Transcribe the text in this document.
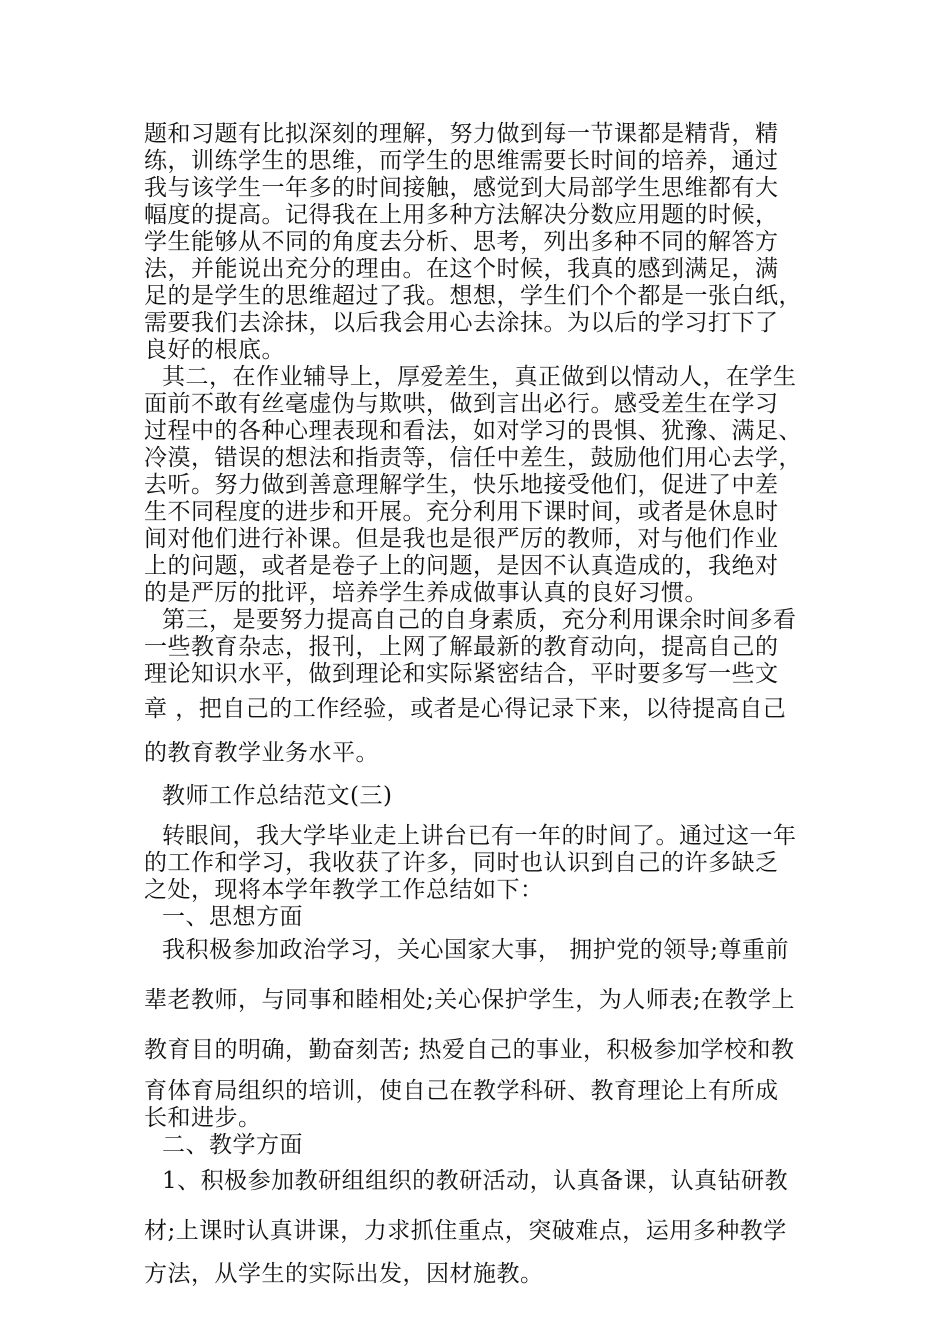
题和习题有比拟深刻的理解，努力做到每一节课都是精背，精

练，训练学生的思维，而学生的思维需要长时间的培养，通过

我与该学生一年多的时间接触，感觉到大局部学生思维都有大

幅度的提高。记得我在上用多种方法解决分数应用题的时候，

学生能够从不同的角度去分析、思考，列出多种不同的解答方

法，并能说出充分的理由。在这个时候，我真的感到满足，满

足的是学生的思维超过了我。想想，学生们个个都是一张白纸，

需要我们去涂抹，以后我会用心去涂抹。为以后的学习打下了

良好的根底。

其二，在作业辅导上，厚爱差生，真正做到以情动人，在学生

面前不敢有丝毫虚伪与欺哄，做到言出必行。感受差生在学习

过程中的各种心理表现和看法，如对学习的畏惧、犹豫、满足、

冷漠，错误的想法和指责等，信任中差生，鼓励他们用心去学，

去听。努力做到善意理解学生，快乐地接受他们，促进了中差

生不同程度的进步和开展。充分利用下课时间，或者是休息时

间对他们进行补课。但是我也是很严厉的教师，对与他们作业

上的问题，或者是卷子上的问题，是因不认真造成的，我绝对

的是严厉的批评，培养学生养成做事认真的良好习惯。

第三，是要努力提高自己的自身素质，充分利用课余时间多看

一些教育杂志，报刊，上网了解最新的教育动向，提高自己的

理论知识水平，做到理论和实际紧密结合，平时要多写一些文

章 ，把自己的工作经验，或者是心得记录下来，以待提高自己

的教育教学业务水平。

教师工作总结范文(三)

转眼间，我大学毕业走上讲台已有一年的时间了。通过这一年

的工作和学习，我收获了许多，同时也认识到自己的许多缺乏

之处，现将本学年教学工作总结如下：

一、思想方面

我积极参加政治学习，关心国家大事， 拥护党的领导;尊重前

辈老教师，与同事和睦相处;关心保护学生，为人师表;在教学上

教育目的明确，勤奋刻苦; 热爱自己的事业，积极参加学校和教

育体育局组织的培训，使自己在教学科研、教育理论上有所成

长和进步。

二、教学方面

1、积极参加教研组组织的教研活动，认真备课，认真钻研教

材;上课时认真讲课，力求抓住重点，突破难点，运用多种教学

方法，从学生的实际出发，因材施教。
